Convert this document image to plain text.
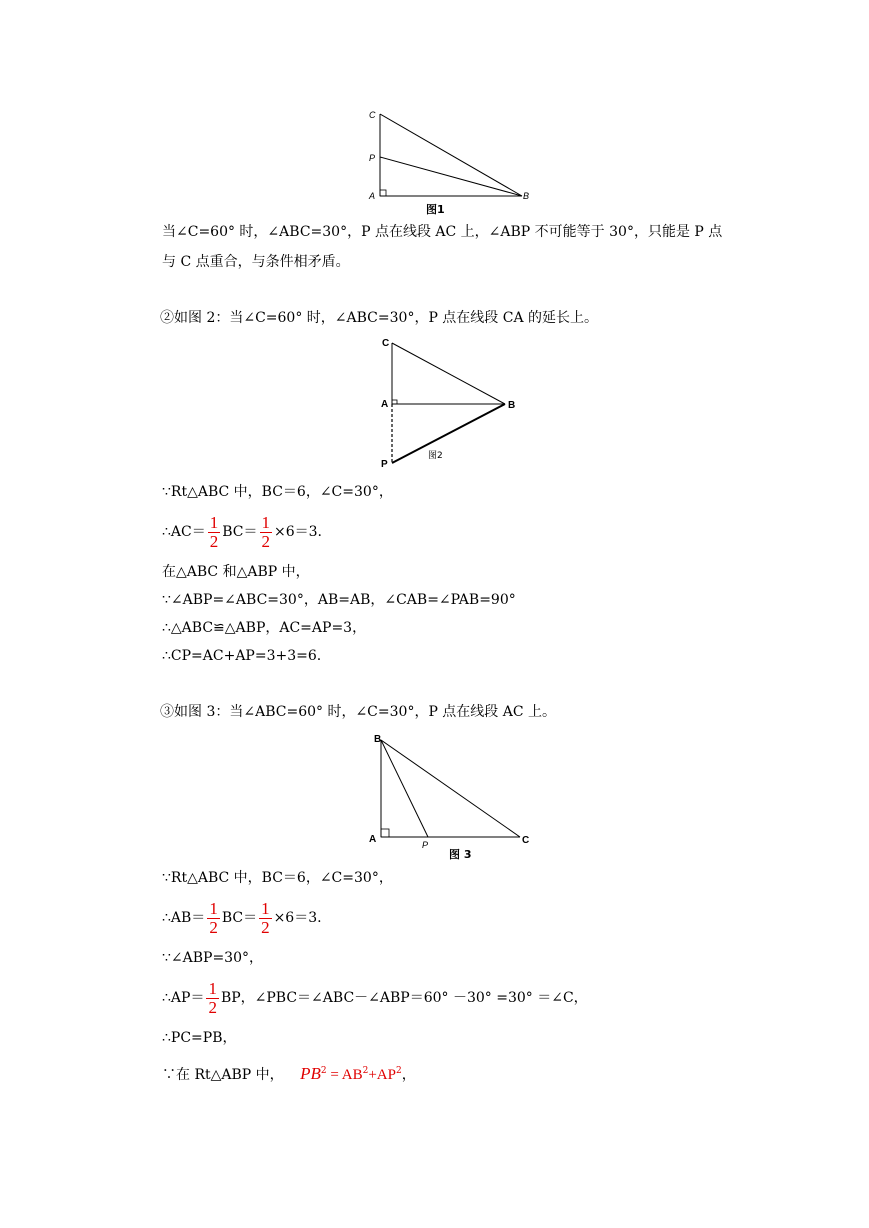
C
P
A	B
图1
当∠C=60° 时，∠ABC=30°，P 点在线段 AC 上，∠ABP 不可能等于 30°，只能是 P 点
与 C 点重合，与条件相矛盾。
②如图 2：当∠C=60° 时，∠ABC=30°，P 点在线段 CA 的延长上。
C
A	B
P
图2
∵Rt△ABC 中，BC＝6，∠C=30°，
∴AC＝ $\frac{1}{2} BC= \frac{1}{2} \times 6=3$.
在△ABC 和△ABP 中，
∵∠ABP=∠ABC=30°，AB=AB，∠CAB=∠PAB=90°
∴△ABC≌△ABP，AC=AP=3，
∴CP=AC+AP=3+3=6.
③如图 3：当∠ABC=60° 时，∠C=30°，P 点在线段 AC 上。
B
A	P	C
图 3
∵Rt△ABC 中，BC＝6，∠C=30°，
∴AB＝ $\frac{1}{2} BC= \frac{1}{2} \times 6=3$.
∵∠ABP=30°，
∴AP＝ $\frac{1}{2}$ BP，∠PBC＝∠ABC－∠ABP＝60° －30° =30° ＝∠C，
∴PC=PB，
∵在 Rt△ABP 中， $PB^2 = AB^2+AP^2$，
